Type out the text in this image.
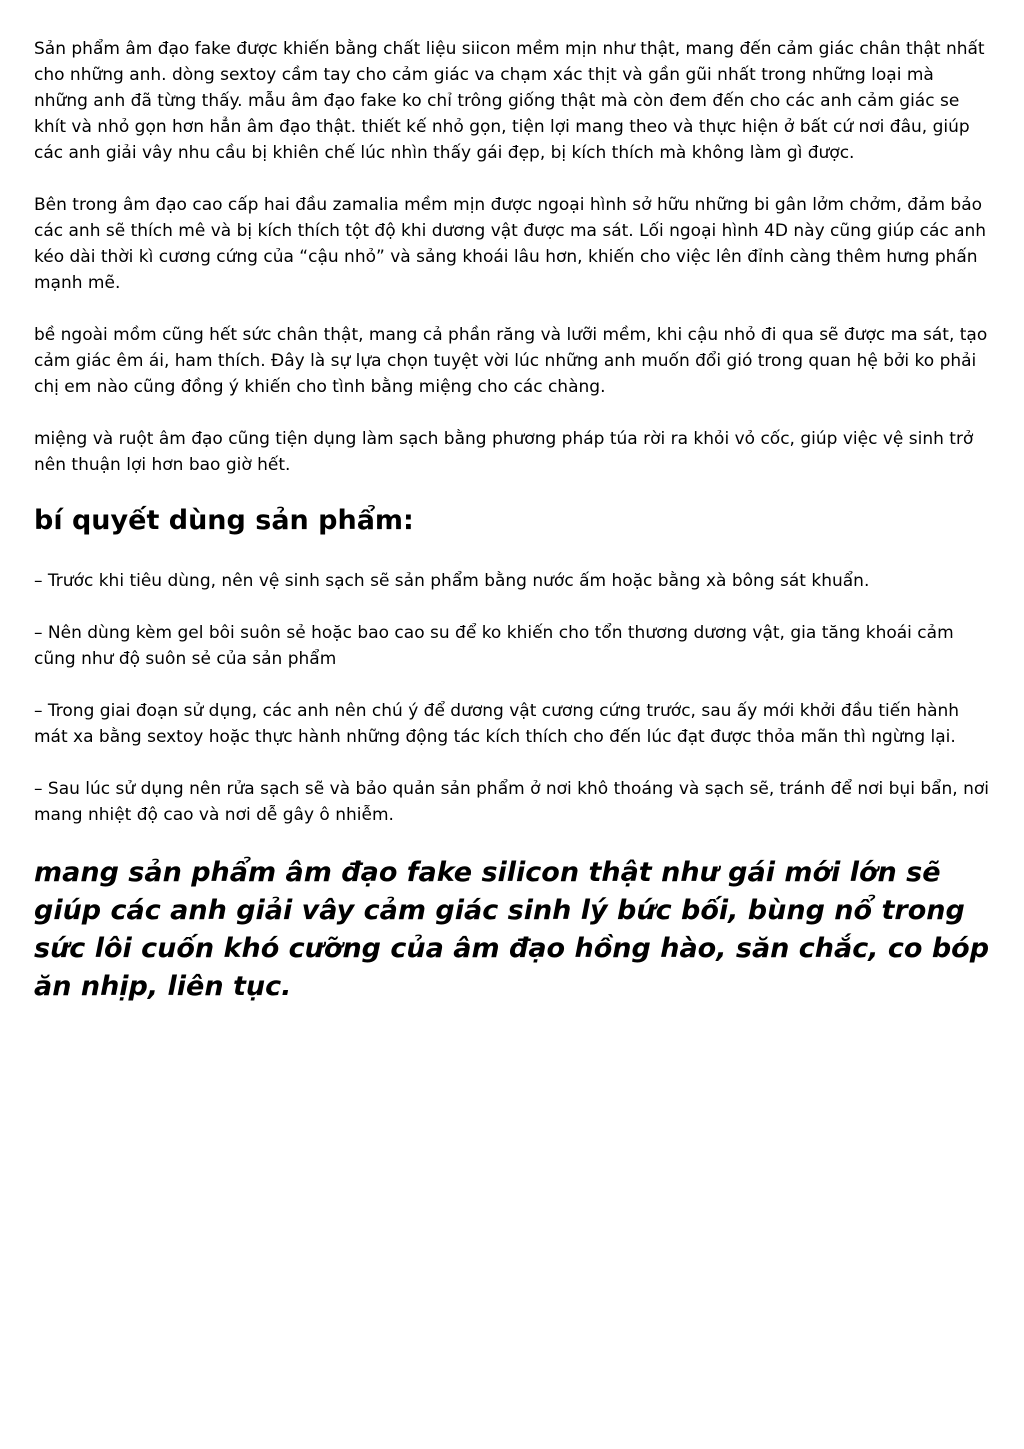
Sản phẩm âm đạo fake được khiến bằng chất liệu siicon mềm mịn như thật, mang đến cảm giác chân thật nhất cho những anh. dòng sextoy cầm tay cho cảm giác va chạm xác thịt và gần gũi nhất trong những loại mà những anh đã từng thấy. mẫu âm đạo fake ko chỉ trông giống thật mà còn đem đến cho các anh cảm giác se khít và nhỏ gọn hơn hẳn âm đạo thật. thiết kế nhỏ gọn, tiện lợi mang theo và thực hiện ở bất cứ nơi đâu, giúp các anh giải vây nhu cầu bị khiên chế lúc nhìn thấy gái đẹp, bị kích thích mà không làm gì được.

Bên trong âm đạo cao cấp hai đầu zamalia mềm mịn được ngoại hình sở hữu những bi gân lởm chởm, đảm bảo các anh sẽ thích mê và bị kích thích tột độ khi dương vật được ma sát. Lối ngoại hình 4D này cũng giúp các anh kéo dài thời kì cương cứng của “cậu nhỏ” và sảng khoái lâu hơn, khiến cho việc lên đỉnh càng thêm hưng phấn mạnh mẽ.

bề ngoài mồm cũng hết sức chân thật, mang cả phần răng và lưỡi mềm, khi cậu nhỏ đi qua sẽ được ma sát, tạo cảm giác êm ái, ham thích. Đây là sự lựa chọn tuyệt vời lúc những anh muốn đổi gió trong quan hệ bởi ko phải chị em nào cũng đồng ý khiến cho tình bằng miệng cho các chàng.

miệng và ruột âm đạo cũng tiện dụng làm sạch bằng phương pháp túa rời ra khỏi vỏ cốc, giúp việc vệ sinh trở nên thuận lợi hơn bao giờ hết.

bí quyết dùng sản phẩm:

– Trước khi tiêu dùng, nên vệ sinh sạch sẽ sản phẩm bằng nước ấm hoặc bằng xà bông sát khuẩn.

– Nên dùng kèm gel bôi suôn sẻ hoặc bao cao su để ko khiến cho tổn thương dương vật, gia tăng khoái cảm cũng như độ suôn sẻ của sản phẩm

– Trong giai đoạn sử dụng, các anh nên chú ý để dương vật cương cứng trước, sau ấy mới khởi đầu tiến hành mát xa bằng sextoy hoặc thực hành những động tác kích thích cho đến lúc đạt được thỏa mãn thì ngừng lại.

– Sau lúc sử dụng nên rửa sạch sẽ và bảo quản sản phẩm ở nơi khô thoáng và sạch sẽ, tránh để nơi bụi bẩn, nơi mang nhiệt độ cao và nơi dễ gây ô nhiễm.

mang sản phẩm âm đạo fake silicon thật như gái mới lớn sẽ giúp các anh giải vây cảm giác sinh lý bức bối, bùng nổ trong sức lôi cuốn khó cưỡng của âm đạo hồng hào, săn chắc, co bóp ăn nhịp, liên tục.
